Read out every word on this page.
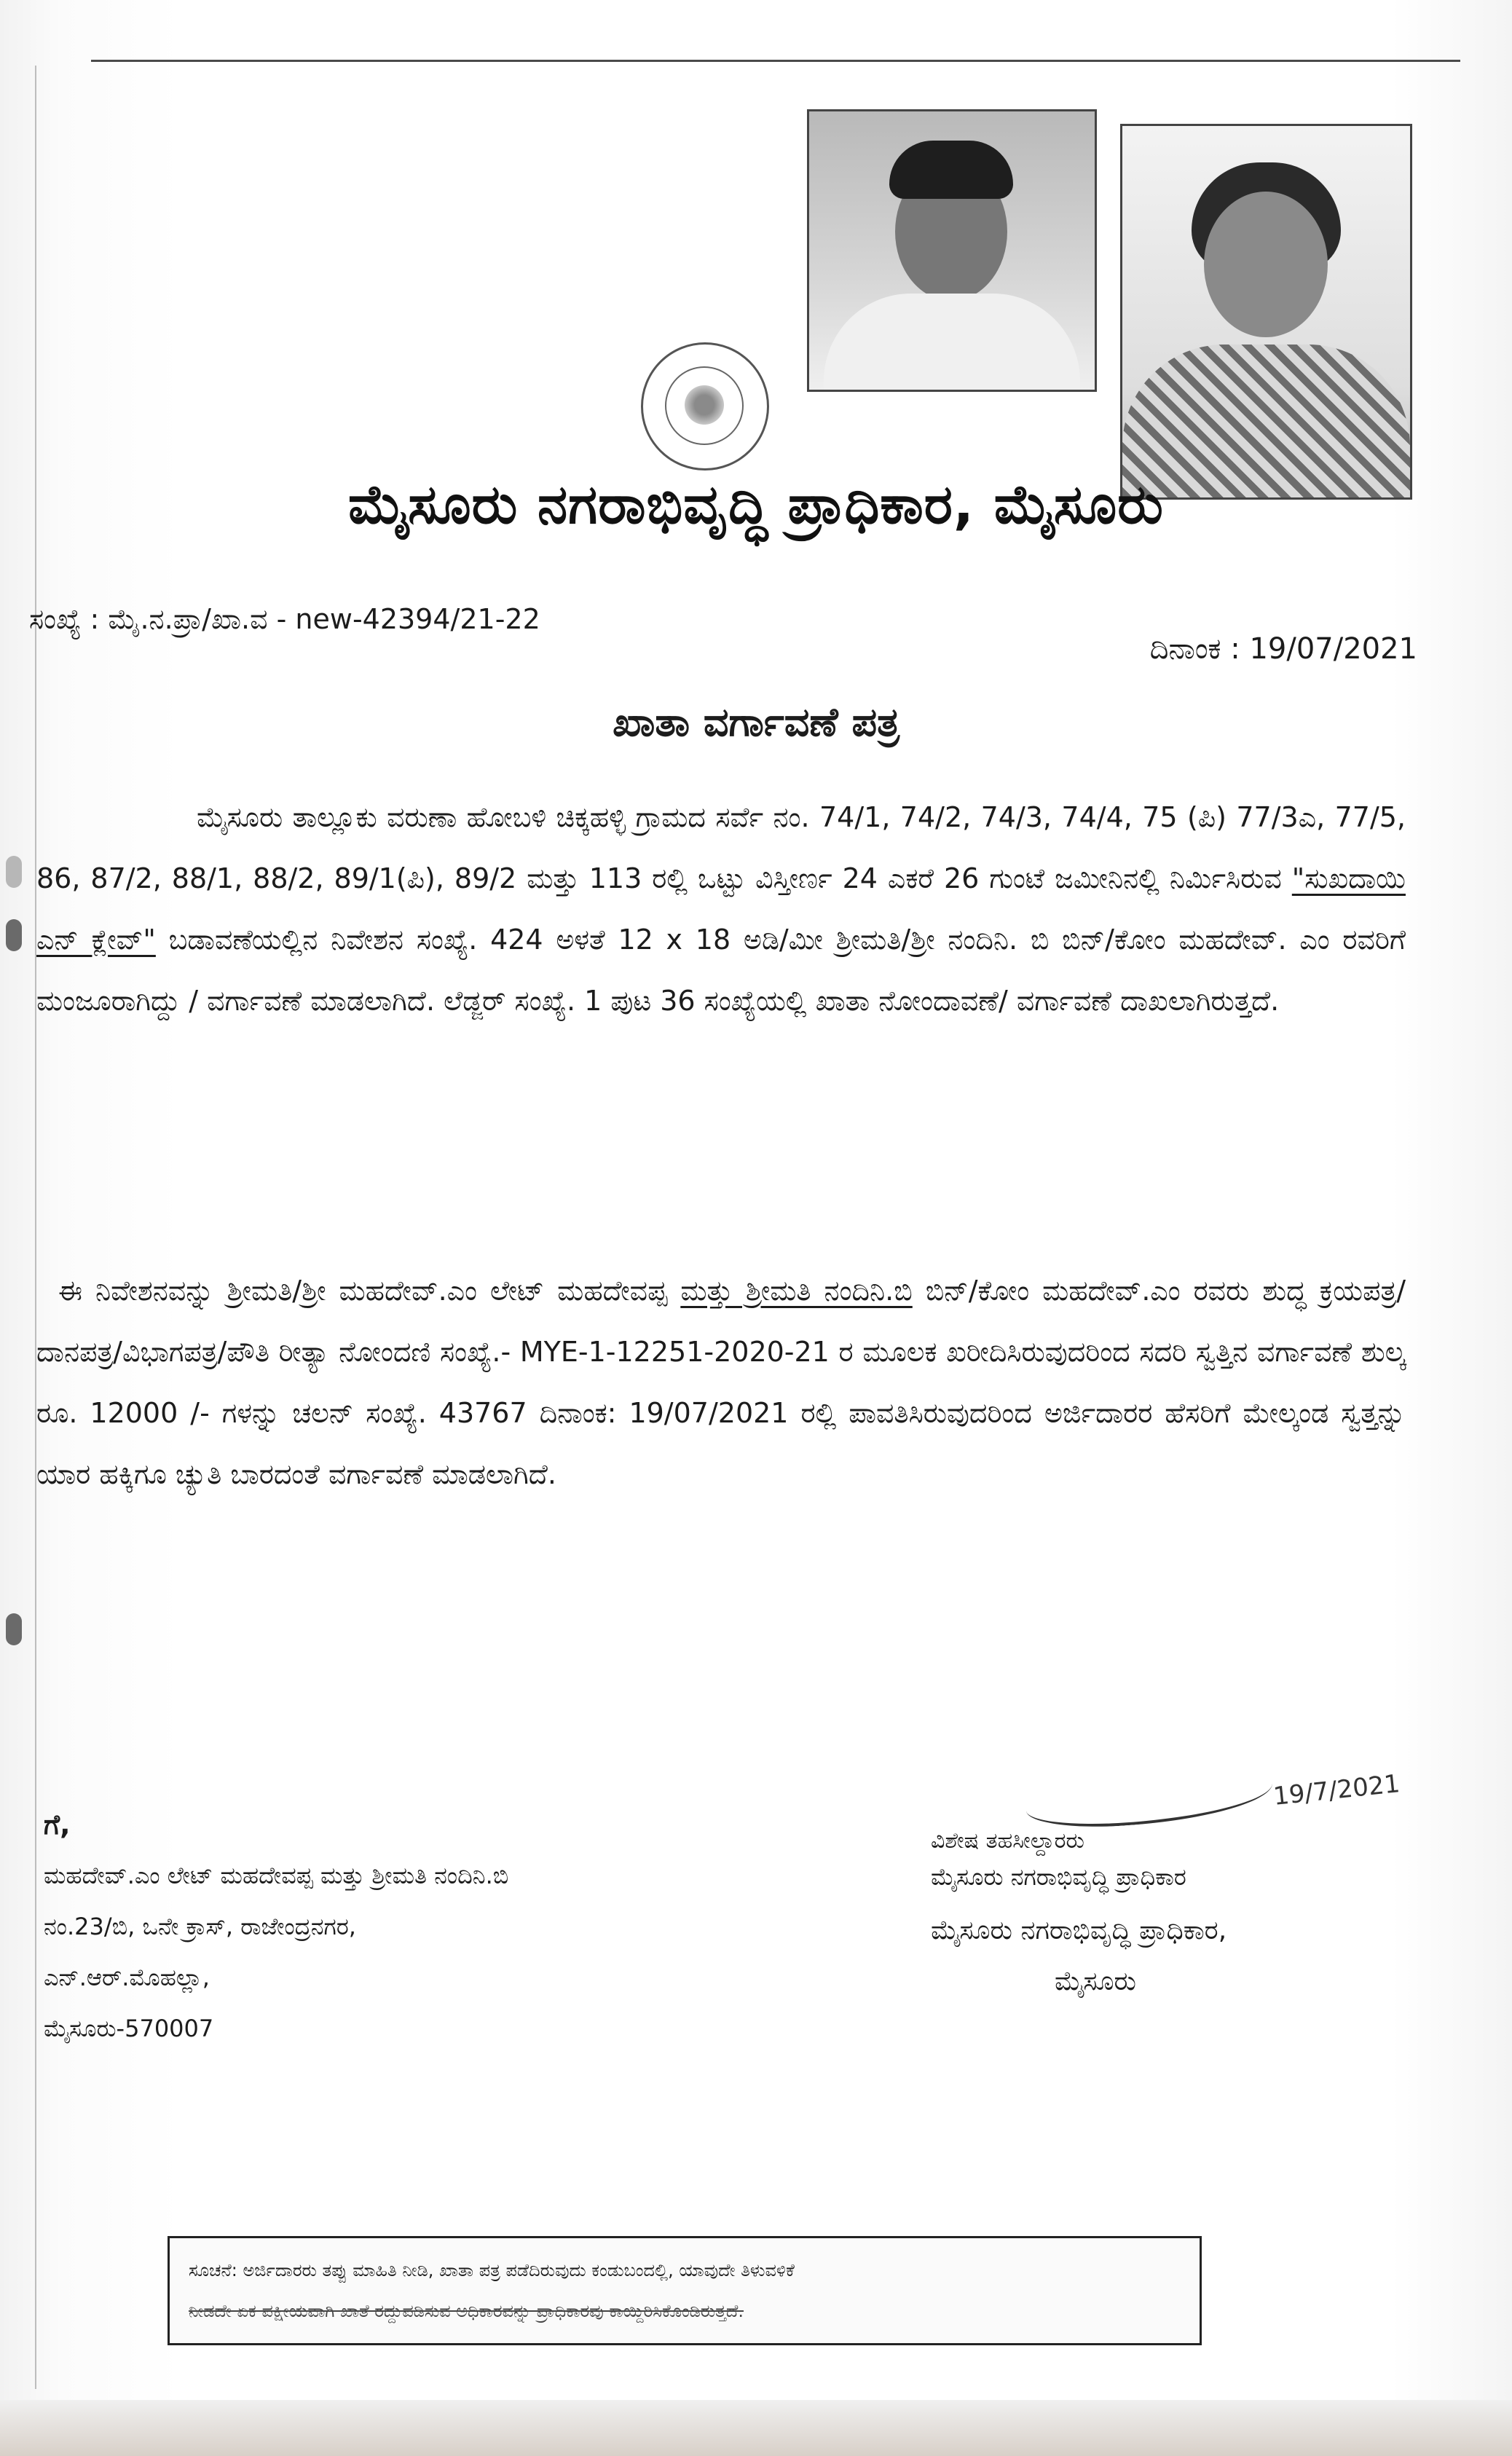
ಮೈಸೂರು ನಗರಾಭಿವೃದ್ಧಿ ಪ್ರಾಧಿಕಾರ, ಮೈಸೂರು
ಸಂಖ್ಯೆ : ಮೈ.ನ.ಪ್ರಾ/ಖಾ.ವ - new-42394/21-22
ದಿನಾಂಕ : 19/07/2021
ಖಾತಾ ವರ್ಗಾವಣೆ ಪತ್ರ
ಮೈಸೂರು ತಾಲ್ಲೂಕು ವರುಣಾ ಹೋಬಳಿ ಚಿಕ್ಕಹಳ್ಳಿ ಗ್ರಾಮದ ಸರ್ವೆ ನಂ. 74/1, 74/2, 74/3, 74/4, 75 (ಪಿ) 77/3ಎ, 77/5, 86, 87/2, 88/1, 88/2, 89/1(ಪಿ), 89/2 ಮತ್ತು 113 ರಲ್ಲಿ ಒಟ್ಟು ವಿಸ್ತೀರ್ಣ 24 ಎಕರೆ 26 ಗುಂಟೆ ಜಮೀನಿನಲ್ಲಿ ನಿರ್ಮಿಸಿರುವ "ಸುಖದಾಯಿ ಎನ್ ಕ್ಲೇವ್" ಬಡಾವಣೆಯಲ್ಲಿನ ನಿವೇಶನ ಸಂಖ್ಯೆ. 424 ಅಳತೆ 12 x 18 ಅಡಿ/ಮೀ ಶ್ರೀಮತಿ/ಶ್ರೀ ನಂದಿನಿ. ಬಿ ಬಿನ್/ಕೋಂ ಮಹದೇವ್. ಎಂ ರವರಿಗೆ ಮಂಜೂರಾಗಿದ್ದು / ವರ್ಗಾವಣೆ ಮಾಡಲಾಗಿದೆ. ಲೆಡ್ಜರ್ ಸಂಖ್ಯೆ. 1 ಪುಟ 36 ಸಂಖ್ಯೆಯಲ್ಲಿ ಖಾತಾ ನೋಂದಾವಣೆ/ ವರ್ಗಾವಣೆ ದಾಖಲಾಗಿರುತ್ತದೆ.
ಈ ನಿವೇಶನವನ್ನು ಶ್ರೀಮತಿ/ಶ್ರೀ ಮಹದೇವ್.ಎಂ ಲೇಟ್ ಮಹದೇವಪ್ಪ ಮತ್ತು ಶ್ರೀಮತಿ ನಂದಿನಿ.ಬಿ ಬಿನ್/ಕೋಂ ಮಹದೇವ್.ಎಂ ರವರು ಶುದ್ಧ ಕ್ರಯಪತ್ರ/ ದಾನಪತ್ರ/ವಿಭಾಗಪತ್ರ/ಪೌತಿ ರೀತ್ಯಾ ನೋಂದಣಿ ಸಂಖ್ಯೆ.- MYE-1-12251-2020-21 ರ ಮೂಲಕ ಖರೀದಿಸಿರುವುದರಿಂದ ಸದರಿ ಸ್ವತ್ತಿನ ವರ್ಗಾವಣೆ ಶುಲ್ಕ ರೂ. 12000 /- ಗಳನ್ನು ಚಲನ್ ಸಂಖ್ಯೆ. 43767 ದಿನಾಂಕ: 19/07/2021 ರಲ್ಲಿ ಪಾವತಿಸಿರುವುದರಿಂದ ಅರ್ಜಿದಾರರ ಹೆಸರಿಗೆ ಮೇಲ್ಕಂಡ ಸ್ವತ್ತನ್ನು ಯಾರ ಹಕ್ಕಿಗೂ ಚ್ಯುತಿ ಬಾರದಂತೆ ವರ್ಗಾವಣೆ ಮಾಡಲಾಗಿದೆ.
ಗೆ,
ಮಹದೇವ್.ಎಂ ಲೇಟ್ ಮಹದೇವಪ್ಪ ಮತ್ತು ಶ್ರೀಮತಿ ನಂದಿನಿ.ಬಿ
ನಂ.23/ಬಿ, ಒನೇ ಕ್ರಾಸ್, ರಾಜೇಂದ್ರನಗರ,
ಎನ್.ಆರ್.ಮೊಹಲ್ಲಾ,
ಮೈಸೂರು-570007
19/7/2021
ವಿಶೇಷ ತಹಸೀಲ್ದಾರರು
ಮೈಸೂರು ನಗರಾಭಿವೃದ್ಧಿ ಪ್ರಾಧಿಕಾರ
ಮೈಸೂರು ನಗರಾಭಿವೃದ್ಧಿ ಪ್ರಾಧಿಕಾರ,
ಮೈಸೂರು
ಸೂಚನೆ: ಅರ್ಜಿದಾರರು ತಪ್ಪು ಮಾಹಿತಿ ನೀಡಿ, ಖಾತಾ ಪತ್ರ ಪಡೆದಿರುವುದು ಕಂಡುಬಂದಲ್ಲಿ, ಯಾವುದೇ ತಿಳುವಳಿಕೆ
ನೀಡದೇ ಏಕ ಪಕ್ಷೀಯವಾಗಿ ಖಾತೆ ರದ್ದುಪಡಿಸುವ ಅಧಿಕಾರವನ್ನು ಪ್ರಾಧಿಕಾರವು ಕಾಯ್ದಿರಿಸಿಕೊಂಡಿರುತ್ತದೆ.
